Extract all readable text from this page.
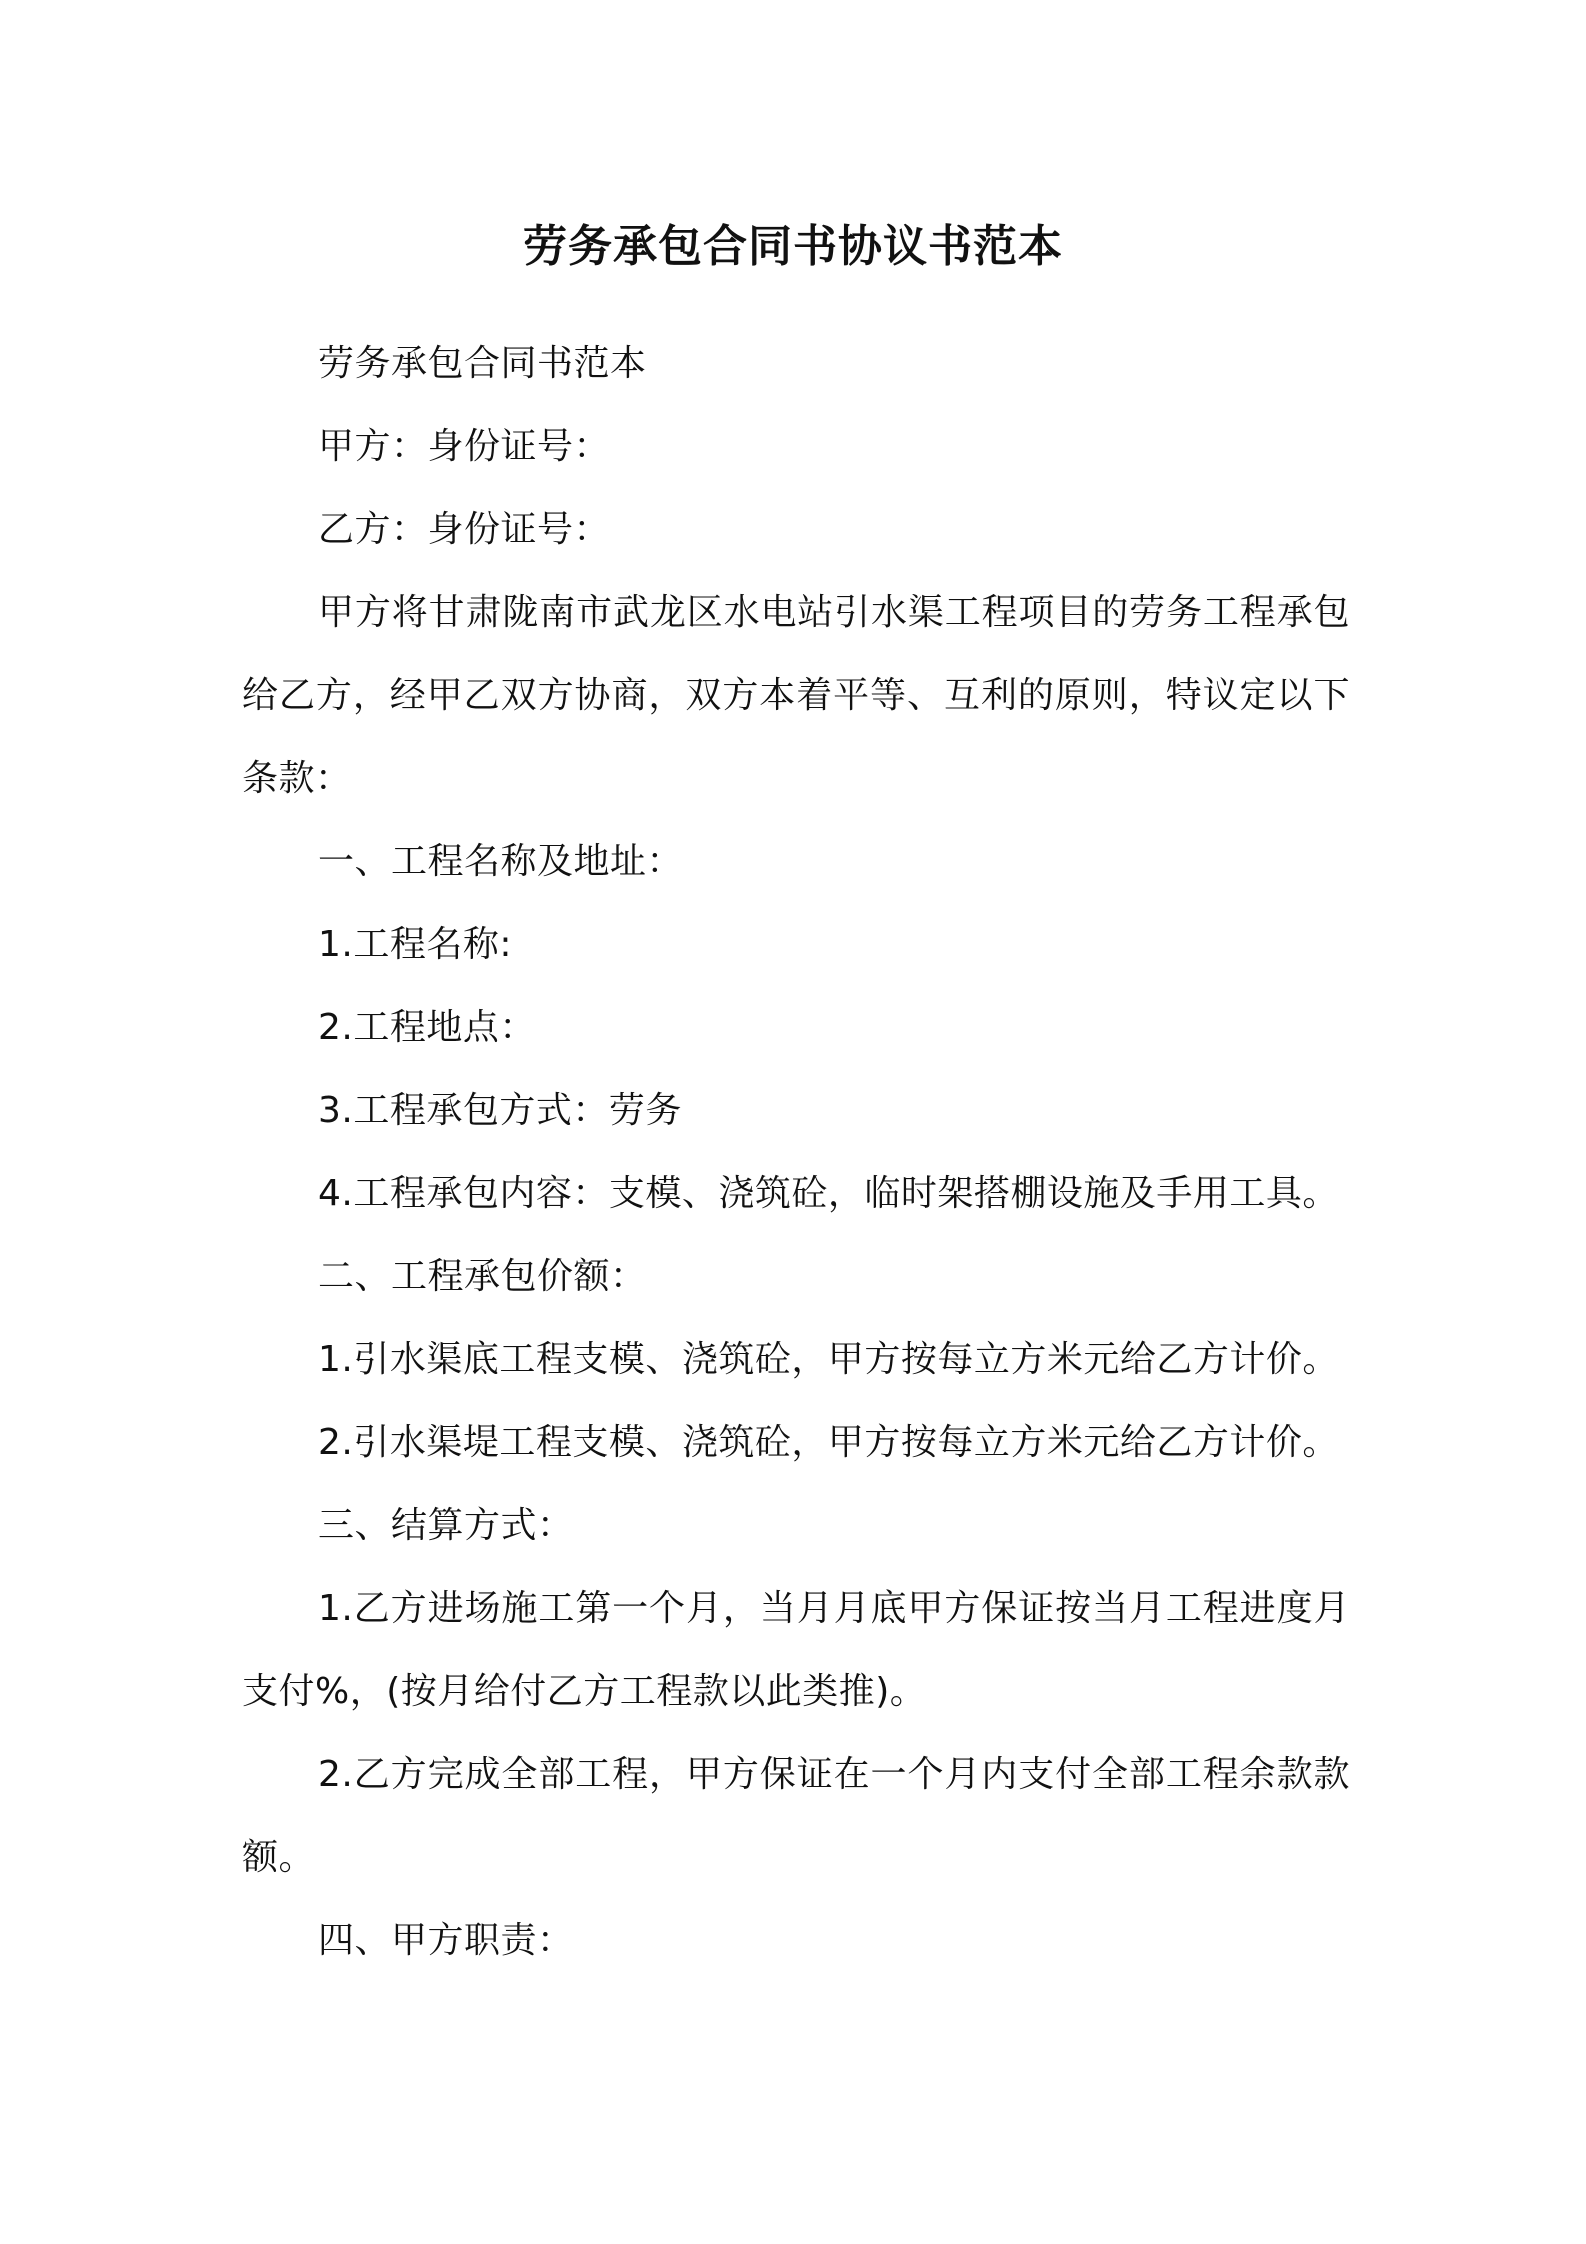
劳务承包合同书协议书范本

劳务承包合同书范本

甲方：身份证号：

乙方：身份证号：

甲方将甘肃陇南市武龙区水电站引水渠工程项目的劳务工程承包给乙方，经甲乙双方协商，双方本着平等、互利的原则，特议定以下条款：

一、工程名称及地址：

1.工程名称:

2.工程地点：

3.工程承包方式：劳务

4.工程承包内容：支模、浇筑砼，临时架搭棚设施及手用工具。

二、工程承包价额：

1.引水渠底工程支模、浇筑砼，甲方按每立方米元给乙方计价。

2.引水渠堤工程支模、浇筑砼，甲方按每立方米元给乙方计价。

三、结算方式：

1.乙方进场施工第一个月，当月月底甲方保证按当月工程进度月支付%，(按月给付乙方工程款以此类推)。

2.乙方完成全部工程，甲方保证在一个月内支付全部工程余款款额。

四、甲方职责：
